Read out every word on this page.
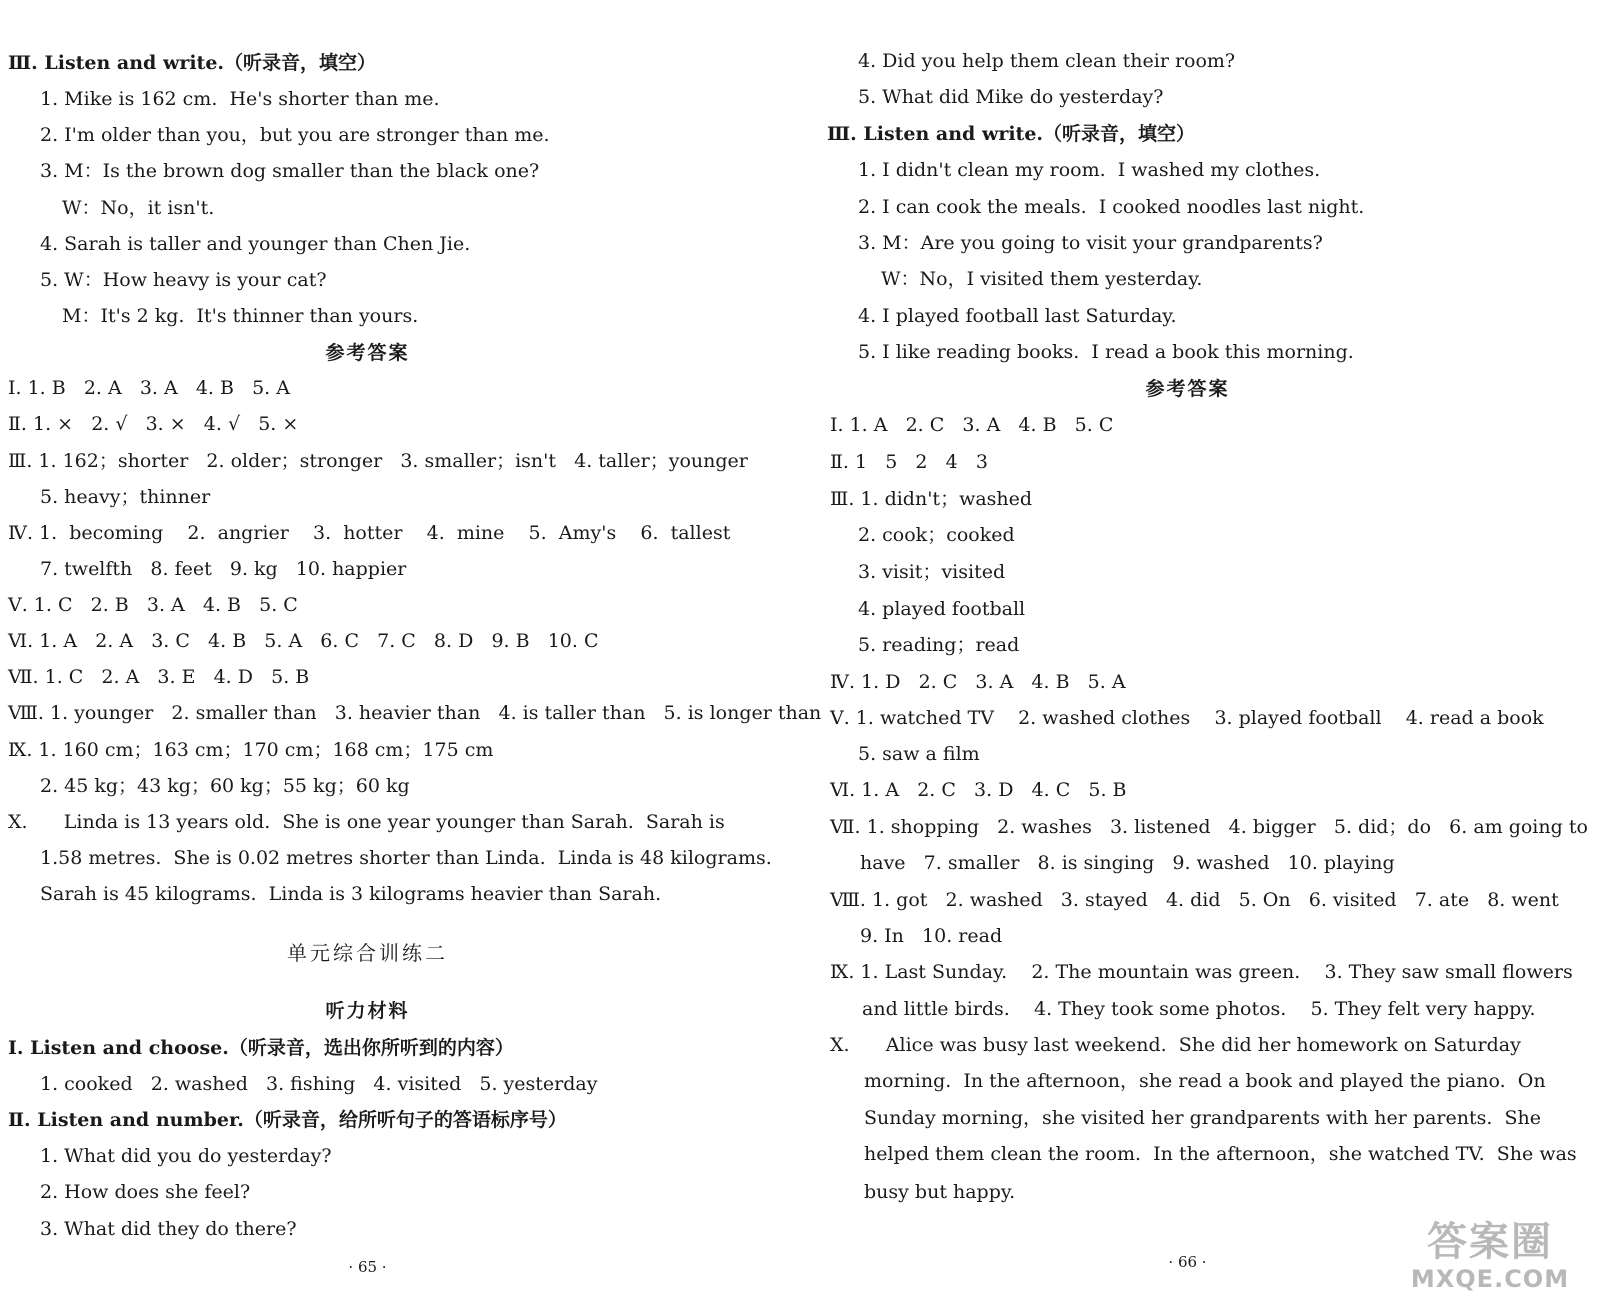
Ⅲ. Listen and write.（听录音，填空）
1. Mike is 162 cm.  He's shorter than me.
2. I'm older than you，but you are stronger than me.
3. M：Is the brown dog smaller than the black one?
W：No，it isn't.
4. Sarah is taller and younger than Chen Jie.
5. W：How heavy is your cat?
M：It's 2 kg.  It's thinner than yours.
参考答案
Ⅰ. 1. B   2. A   3. A   4. B   5. A
Ⅱ. 1. ×   2. √   3. ×   4. √   5. ×
Ⅲ. 1. 162；shorter   2. older；stronger   3. smaller；isn't   4. taller；younger
5. heavy；thinner
Ⅳ. 1.  becoming    2.  angrier    3.  hotter    4.  mine    5.  Amy's    6.  tallest
7. twelfth   8. feet   9. kg   10. happier
Ⅴ. 1. C   2. B   3. A   4. B   5. C
Ⅵ. 1. A   2. A   3. C   4. B   5. A   6. C   7. C   8. D   9. B   10. C
Ⅶ. 1. C   2. A   3. E   4. D   5. B
Ⅷ. 1. younger   2. smaller than   3. heavier than   4. is taller than   5. is longer than
Ⅸ. 1. 160 cm；163 cm；170 cm；168 cm；175 cm
2. 45 kg；43 kg；60 kg；55 kg；60 kg
Ⅹ.      Linda is 13 years old.  She is one year younger than Sarah.  Sarah is
1.58 metres.  She is 0.02 metres shorter than Linda.  Linda is 48 kilograms.
Sarah is 45 kilograms.  Linda is 3 kilograms heavier than Sarah.
单元综合训练二
听力材料
Ⅰ. Listen and choose.（听录音，选出你所听到的内容）
1. cooked   2. washed   3. fishing   4. visited   5. yesterday
Ⅱ. Listen and number.（听录音，给所听句子的答语标序号）
1. What did you do yesterday?
2. How does she feel?
3. What did they do there?
· 65 ·
4. Did you help them clean their room?
5. What did Mike do yesterday?
Ⅲ. Listen and write.（听录音，填空）
1. I didn't clean my room.  I washed my clothes.
2. I can cook the meals.  I cooked noodles last night.
3. M：Are you going to visit your grandparents?
W：No，I visited them yesterday.
4. I played football last Saturday.
5. I like reading books.  I read a book this morning.
参考答案
Ⅰ. 1. A   2. C   3. A   4. B   5. C
Ⅱ. 1   5   2   4   3
Ⅲ. 1. didn't；washed
2. cook；cooked
3. visit；visited
4. played football
5. reading；read
Ⅳ. 1. D   2. C   3. A   4. B   5. A
Ⅴ. 1. watched TV    2. washed clothes    3. played football    4. read a book
5. saw a film
Ⅵ. 1. A   2. C   3. D   4. C   5. B
Ⅶ. 1. shopping   2. washes   3. listened   4. bigger   5. did；do   6. am going to
have   7. smaller   8. is singing   9. washed   10. playing
Ⅷ. 1. got   2. washed   3. stayed   4. did   5. On   6. visited   7. ate   8. went
9. In   10. read
Ⅸ. 1. Last Sunday.    2. The mountain was green.    3. They saw small flowers
and little birds.    4. They took some photos.    5. They felt very happy.
Ⅹ.      Alice was busy last weekend.  She did her homework on Saturday
morning.  In the afternoon，she read a book and played the piano.  On
Sunday morning，she visited her grandparents with her parents.  She
helped them clean the room.  In the afternoon，she watched TV.  She was
busy but happy.
· 66 ·	答案圈
MXQE.COM
